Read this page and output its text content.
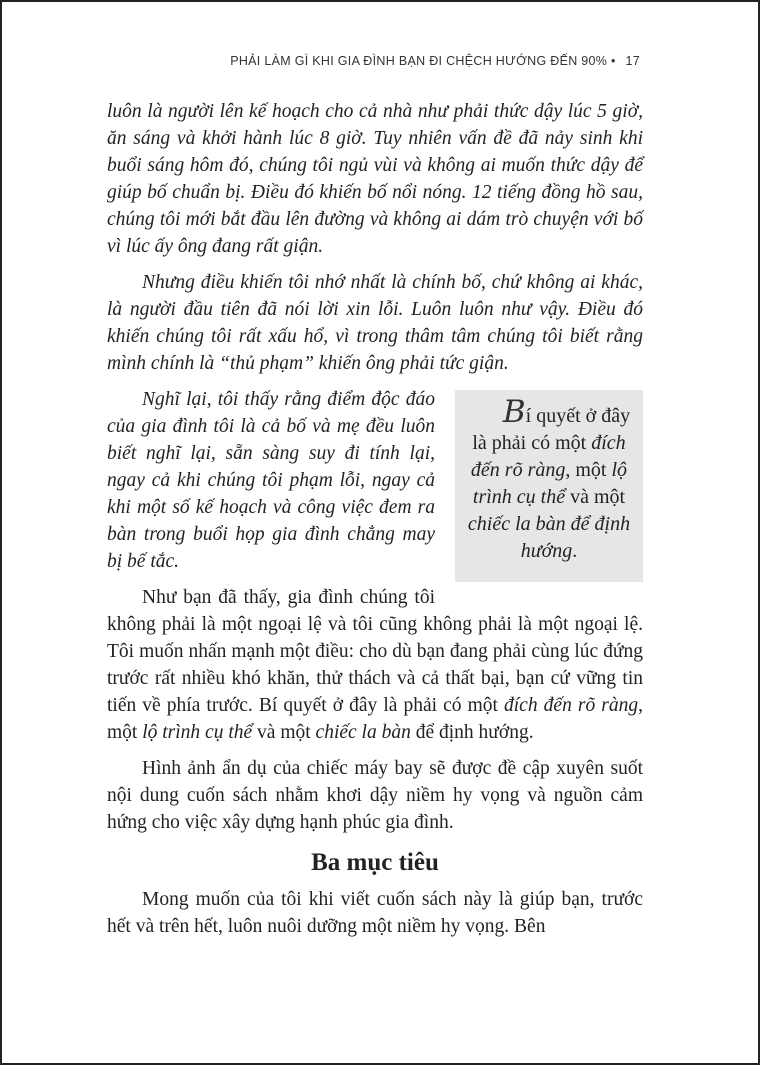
PHẢI LÀM GÌ KHI GIA ĐÌNH BẠN ĐI CHỆCH HƯỚNG ĐẾN 90% • 17

luôn là người lên kế hoạch cho cả nhà như phải thức dậy lúc 5 giờ, ăn sáng và khởi hành lúc 8 giờ. Tuy nhiên vấn đề đã nảy sinh khi buổi sáng hôm đó, chúng tôi ngủ vùi và không ai muốn thức dậy để giúp bố chuẩn bị. Điều đó khiến bố nổi nóng. 12 tiếng đồng hồ sau, chúng tôi mới bắt đầu lên đường và không ai dám trò chuyện với bố vì lúc ấy ông đang rất giận.

Nhưng điều khiến tôi nhớ nhất là chính bố, chứ không ai khác, là người đầu tiên đã nói lời xin lỗi. Luôn luôn như vậy. Điều đó khiến chúng tôi rất xấu hổ, vì trong thâm tâm chúng tôi biết rằng mình chính là “thủ phạm” khiến ông phải tức giận.

Bí quyết ở đây là phải có một đích đến rõ ràng, một lộ trình cụ thể và một chiếc la bàn để định hướng.
Nghĩ lại, tôi thấy rằng điểm độc đáo của gia đình tôi là cả bố và mẹ đều luôn biết nghĩ lại, sẵn sàng suy đi tính lại, ngay cả khi chúng tôi phạm lỗi, ngay cả khi một số kế hoạch và công việc đem ra bàn trong buổi họp gia đình chẳng may bị bế tắc.

Như bạn đã thấy, gia đình chúng tôi không phải là một ngoại lệ và tôi cũng không phải là một ngoại lệ. Tôi muốn nhấn mạnh một điều: cho dù bạn đang phải cùng lúc đứng trước rất nhiều khó khăn, thử thách và cả thất bại, bạn cứ vững tin tiến về phía trước. Bí quyết ở đây là phải có một đích đến rõ ràng, một lộ trình cụ thể và một chiếc la bàn để định hướng.

Hình ảnh ẩn dụ của chiếc máy bay sẽ được đề cập xuyên suốt nội dung cuốn sách nhằm khơi dậy niềm hy vọng và nguồn cảm hứng cho việc xây dựng hạnh phúc gia đình.

Ba mục tiêu

Mong muốn của tôi khi viết cuốn sách này là giúp bạn, trước hết và trên hết, luôn nuôi dưỡng một niềm hy vọng. Bên
